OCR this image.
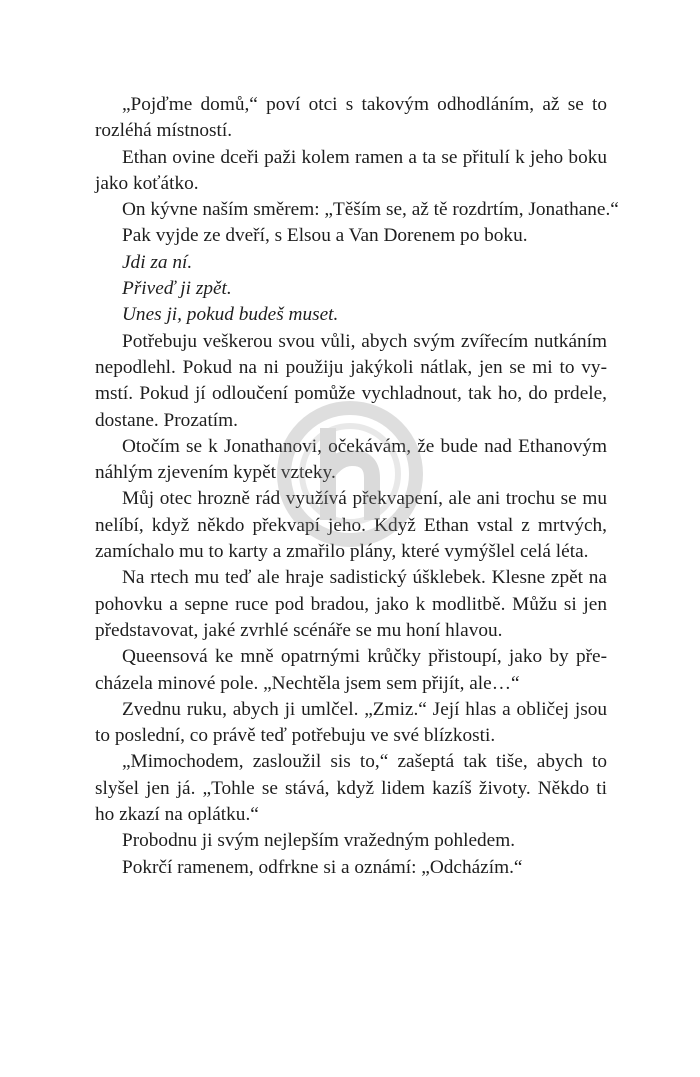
„Pojďme domů,“ poví otci s takovým odhodláním, až se to
rozléhá místností.
Ethan ovine dceři paži kolem ramen a ta se přitulí k jeho boku
jako koťátko.
On kývne naším směrem: „Těším se, až tě rozdrtím, Jonathane.“
Pak vyjde ze dveří, s Elsou a Van Dorenem po boku.
Jdi za ní.
Přiveď ji zpět.
Unes ji, pokud budeš muset.
Potřebuju veškerou svou vůli, abych svým zvířecím nutkáním
nepodlehl. Pokud na ni použiju jakýkoli nátlak, jen se mi to vy-
mstí. Pokud jí odloučení pomůže vychladnout, tak ho, do prdele,
dostane. Prozatím.
Otočím se k Jonathanovi, očekávám, že bude nad Ethanovým
náhlým zjevením kypět vzteky.
Můj otec hrozně rád využívá překvapení, ale ani trochu se mu
nelíbí, když někdo překvapí jeho. Když Ethan vstal z mrtvých,
zamíchalo mu to karty a zmařilo plány, které vymýšlel celá léta.
Na rtech mu teď ale hraje sadistický úšklebek. Klesne zpět na
pohovku a sepne ruce pod bradou, jako k modlitbě. Můžu si jen
představovat, jaké zvrhlé scénáře se mu honí hlavou.
Queensová ke mně opatrnými krůčky přistoupí, jako by pře-
cházela minové pole. „Nechtěla jsem sem přijít, ale…“
Zvednu ruku, abych ji umlčel. „Zmiz.“ Její hlas a obličej jsou
to poslední, co právě teď potřebuju ve své blízkosti.
„Mimochodem, zasloužil sis to,“ zašeptá tak tiše, abych to
slyšel jen já. „Tohle se stává, když lidem kazíš životy. Někdo ti
ho zkazí na oplátku.“
Probodnu ji svým nejlepším vražedným pohledem.
Pokrčí ramenem, odfrkne si a oznámí: „Odcházím.“
